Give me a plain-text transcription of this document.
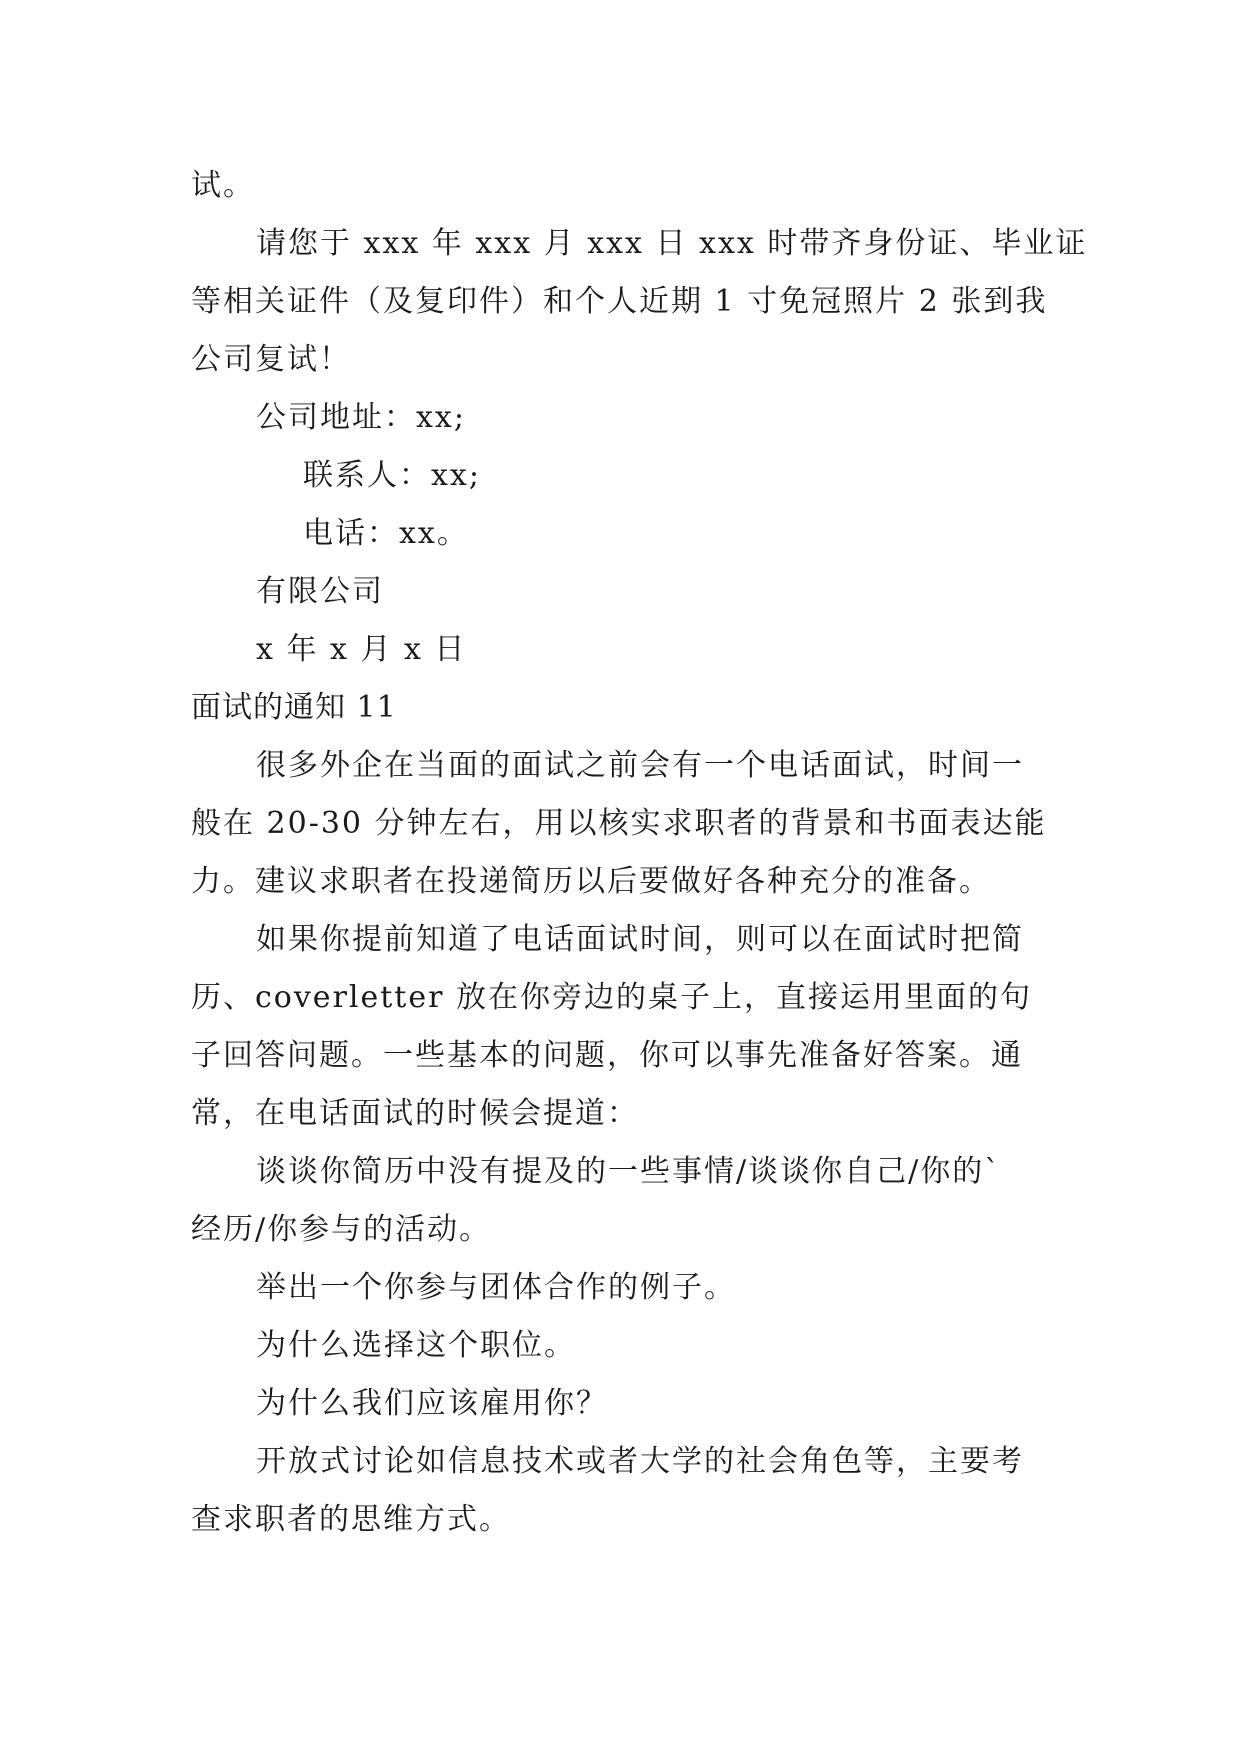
试。
请您于 xxx 年 xxx 月 xxx 日 xxx 时带齐身份证、毕业证
等相关证件（及复印件）和个人近期 1 寸免冠照片 2 张到我
公司复试！
公司地址：xx;
联系人：xx;
电话：xx。
有限公司
x 年 x 月 x 日
面试的通知 11
很多外企在当面的面试之前会有一个电话面试，时间一
般在 20-30 分钟左右，用以核实求职者的背景和书面表达能
力。建议求职者在投递简历以后要做好各种充分的准备。
如果你提前知道了电话面试时间，则可以在面试时把简
历、coverletter 放在你旁边的桌子上，直接运用里面的句
子回答问题。一些基本的问题，你可以事先准备好答案。通
常，在电话面试的时候会提道：
谈谈你简历中没有提及的一些事情/谈谈你自己/你的`
经历/你参与的活动。
举出一个你参与团体合作的例子。
为什么选择这个职位。
为什么我们应该雇用你？
开放式讨论如信息技术或者大学的社会角色等，主要考
查求职者的思维方式。
